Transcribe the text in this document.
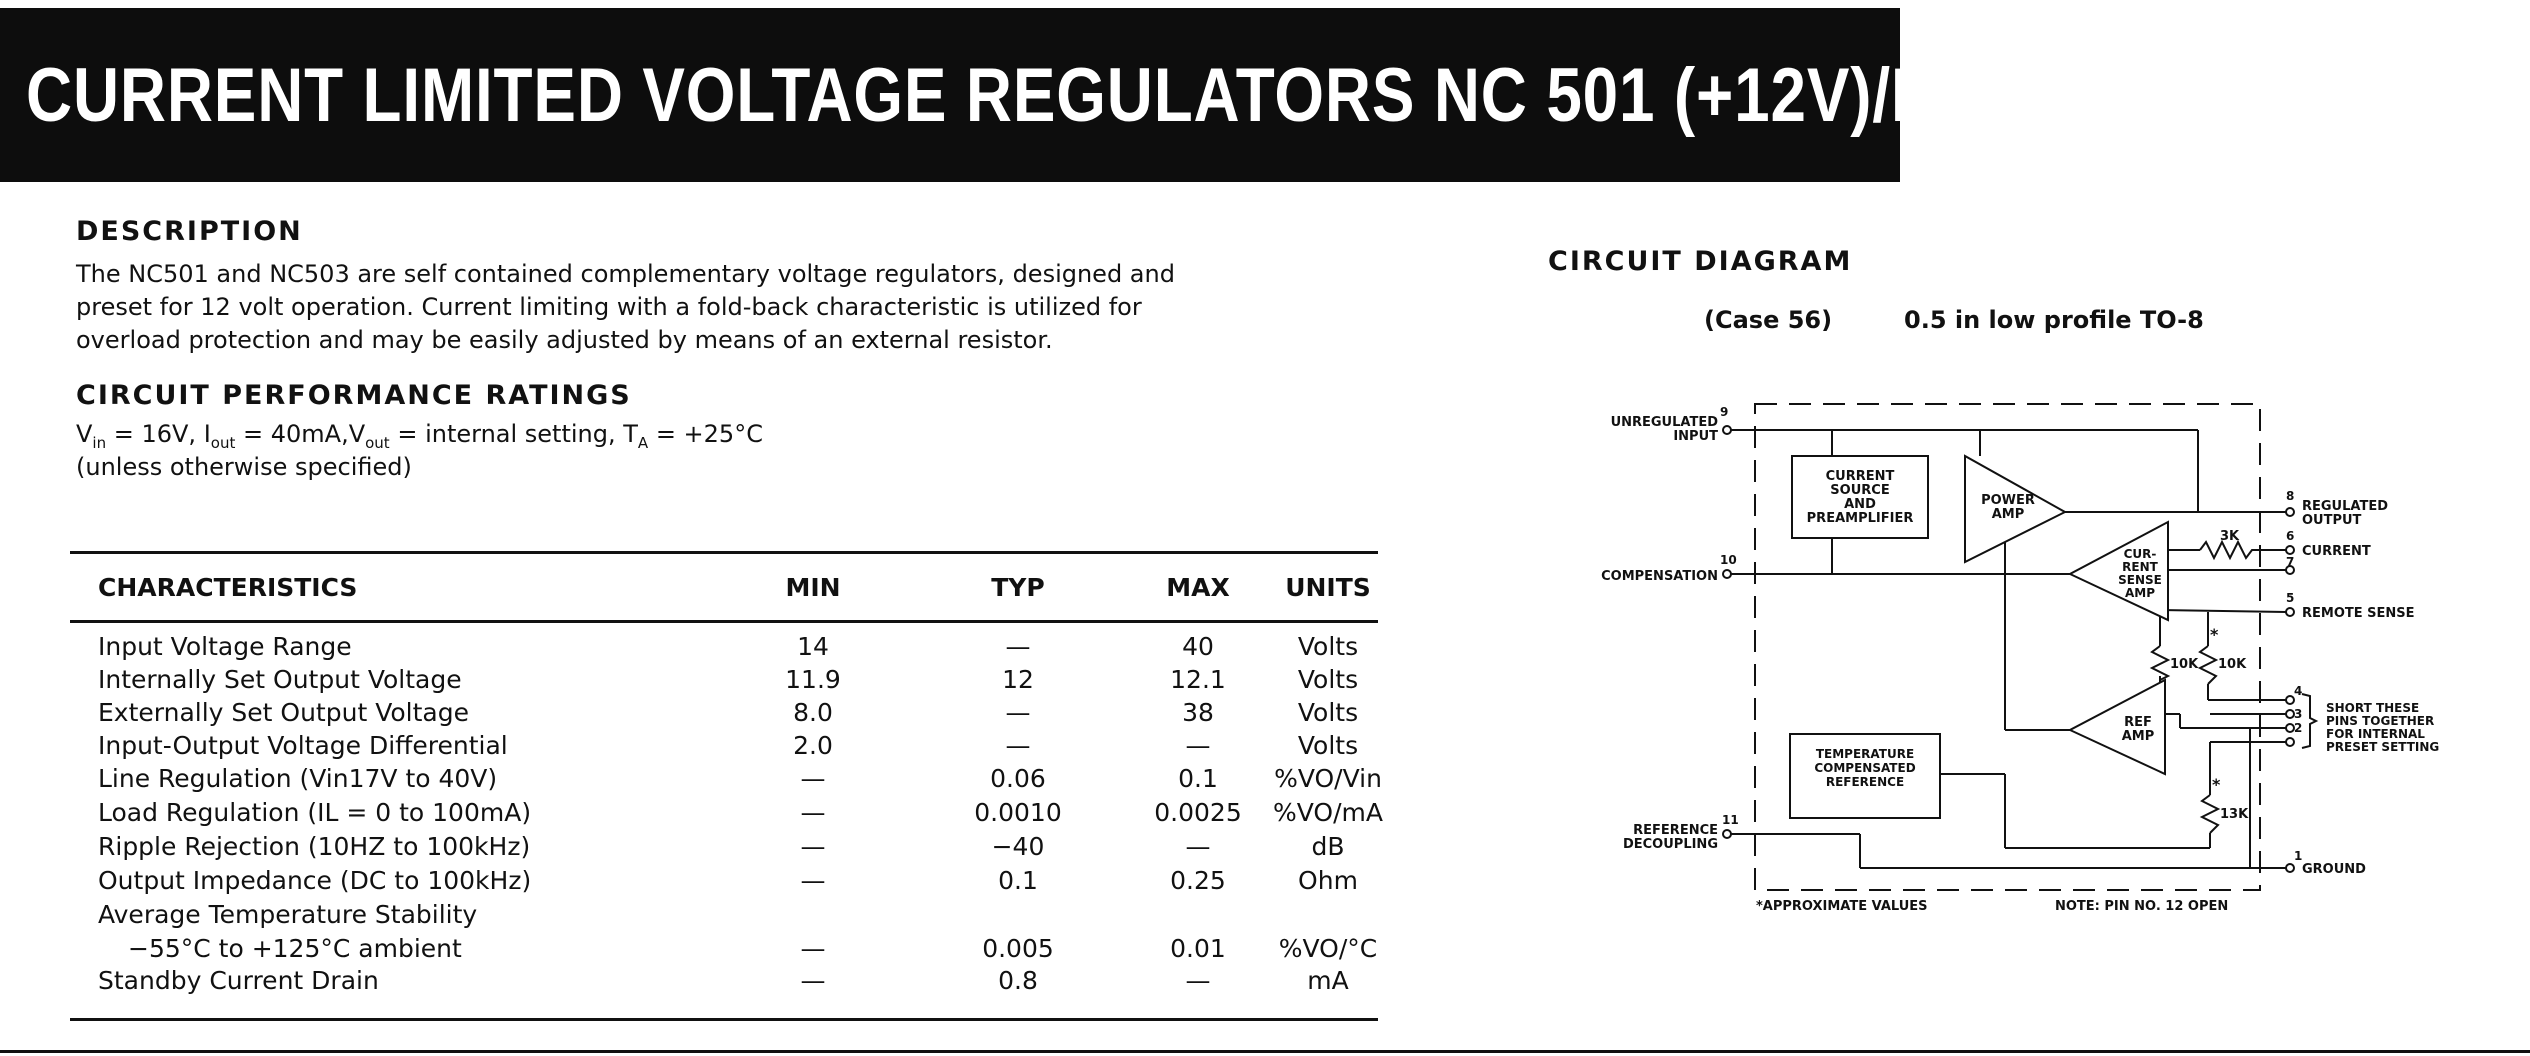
CURRENT LIMITED VOLTAGE REGULATORS NC 501 (+12V)/NC 503 (−12V)
DESCRIPTION
The NC501 and NC503 are self contained complementary voltage regulators, designed and
preset for 12 volt operation. Current limiting with a fold-back characteristic is utilized for
overload protection and may be easily adjusted by means of an external resistor.
CIRCUIT PERFORMANCE RATINGS
$V_{in} = 16V$, $I_{out} = 40mA,V_{out}$ = internal setting, $T_A = +25^\circ C$
(unless otherwise specified)
CHARACTERISTICS	MIN	TYP	MAX	UNITS
Input Voltage Range	14	—	40	Volts
Internally Set Output Voltage	11.9	12	12.1	Volts
Externally Set Output Voltage	8.0	—	38	Volts
Input-Output Voltage Differential	2.0	—	—	Volts
Line Regulation (Vin17V to 40V)	—	0.06	0.1	%VO/Vin
Load Regulation (IL = 0 to 100mA)	—	0.0010	0.0025	%VO/mA
Ripple Rejection (10HZ to 100kHz)	—	−40	—	dB
Output Impedance (DC to 100kHz)	—	0.1	0.25	Ohm
Average Temperature Stability
−55°C to +125°C ambient	—	0.005	0.01	%VO/°C
Standby Current Drain	—	0.8	—	mA
CIRCUIT DIAGRAM
(Case 56)	0.5 in low profile TO-8
CURRENT
SOURCE
AND
PREAMPLIFIER
POWER
AMP
CUR-
RENT
SENSE
AMP
REF
AMP
TEMPERATURE
COMPENSATED
REFERENCE
UNREGULATED
INPUT
9
COMPENSATION
10
REFERENCE
DECOUPLING
11
8
REGULATED
OUTPUT
6
CURRENT
7
5
REMOTE SENSE
4
3
2
1
GROUND
SHORT THESE
PINS TOGETHER
FOR INTERNAL
PRESET SETTING
3K
10K 10K
*
13K
*
*APPROXIMATE VALUES	NOTE: PIN NO. 12 OPEN
